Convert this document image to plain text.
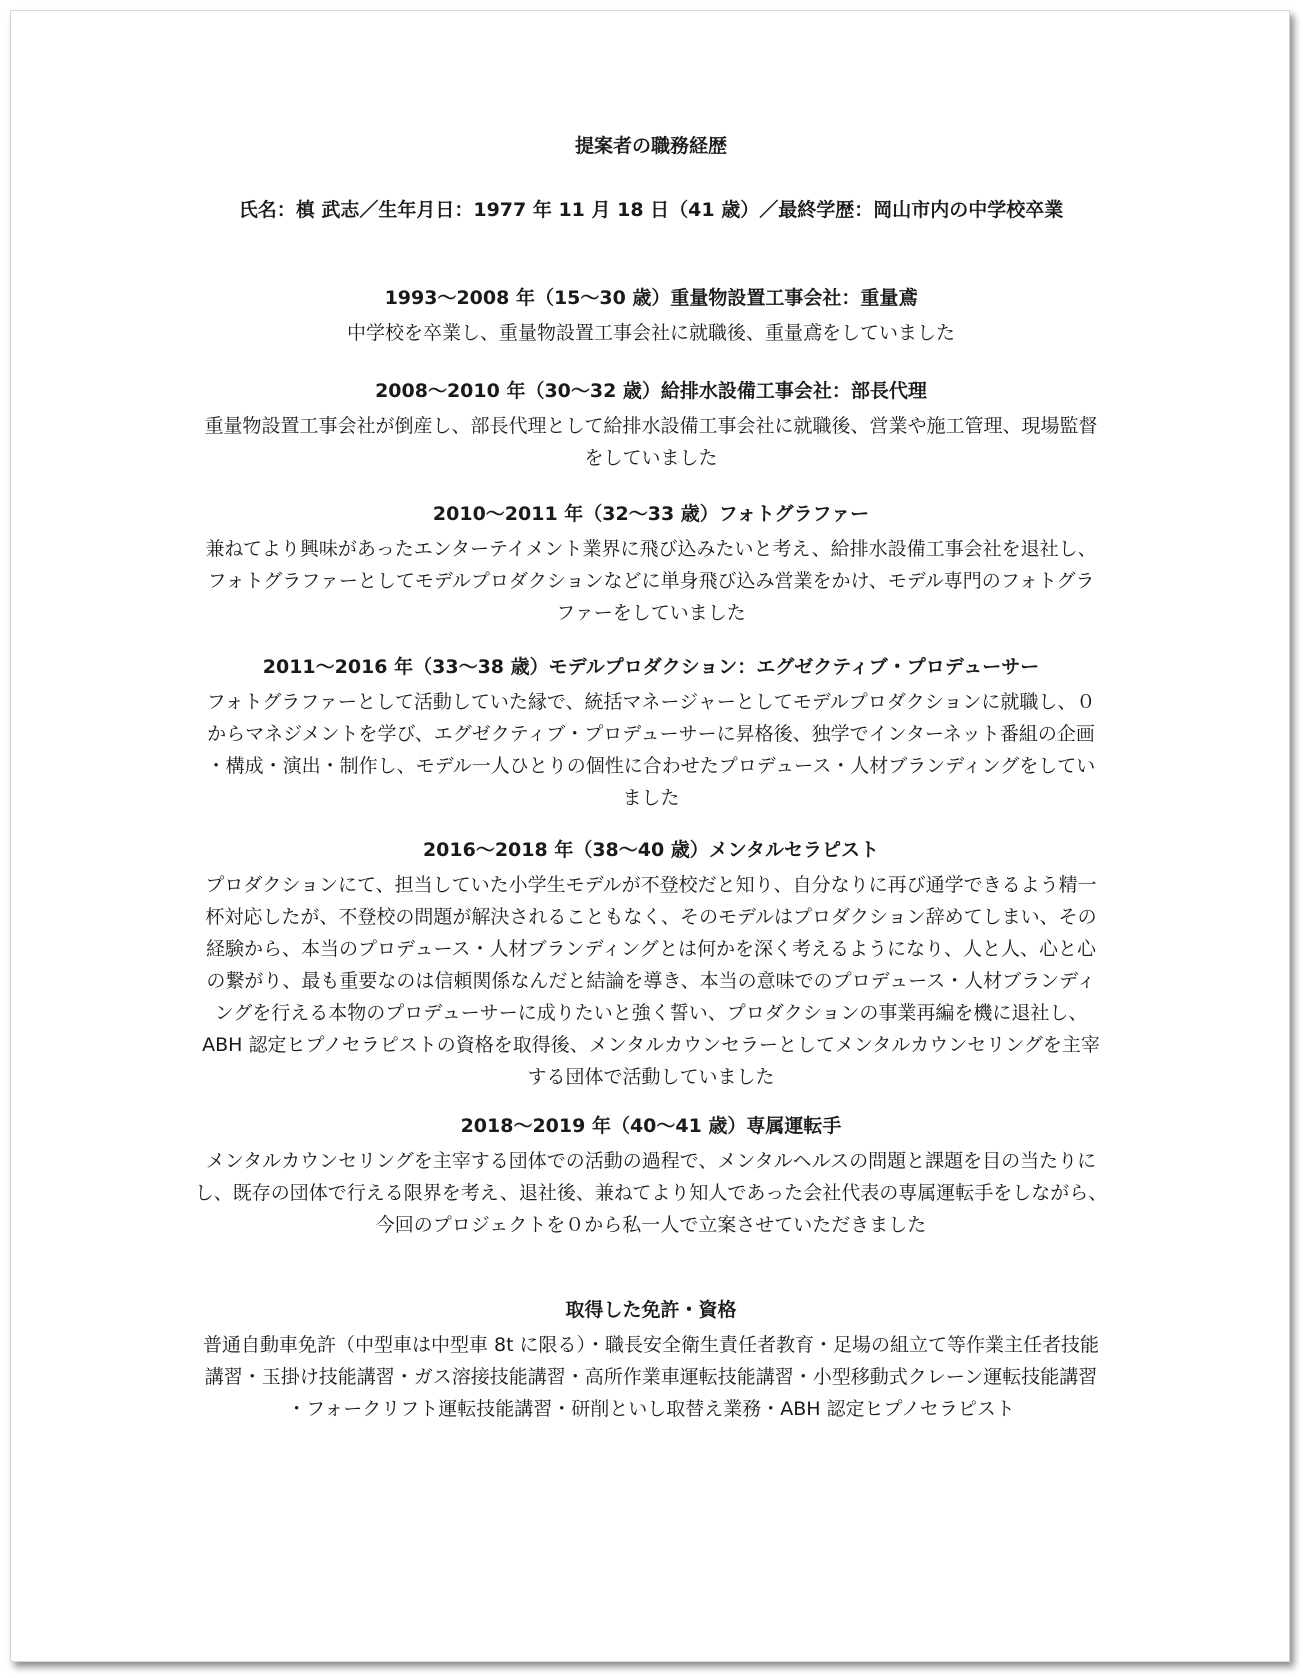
提案者の職務経歴
氏名：槙 武志／生年月日：1977 年 11 月 18 日（41 歳）／最終学歴：岡山市内の中学校卒業
1993～2008 年（15～30 歳）重量物設置工事会社：重量鳶
中学校を卒業し、重量物設置工事会社に就職後、重量鳶をしていました
2008～2010 年（30～32 歳）給排水設備工事会社：部長代理
重量物設置工事会社が倒産し、部長代理として給排水設備工事会社に就職後、営業や施工管理、現場監督
をしていました
2010～2011 年（32～33 歳）フォトグラファー
兼ねてより興味があったエンターテイメント業界に飛び込みたいと考え、給排水設備工事会社を退社し、
フォトグラファーとしてモデルプロダクションなどに単身飛び込み営業をかけ、モデル専門のフォトグラ
ファーをしていました
2011～2016 年（33～38 歳）モデルプロダクション：エグゼクティブ・プロデューサー
フォトグラファーとして活動していた縁で、統括マネージャーとしてモデルプロダクションに就職し、０
からマネジメントを学び、エグゼクティブ・プロデューサーに昇格後、独学でインターネット番組の企画
・構成・演出・制作し、モデル一人ひとりの個性に合わせたプロデュース・人材ブランディングをしてい
ました
2016～2018 年（38～40 歳）メンタルセラピスト
プロダクションにて、担当していた小学生モデルが不登校だと知り、自分なりに再び通学できるよう精一
杯対応したが、不登校の問題が解決されることもなく、そのモデルはプロダクション辞めてしまい、その
経験から、本当のプロデュース・人材ブランディングとは何かを深く考えるようになり、人と人、心と心
の繋がり、最も重要なのは信頼関係なんだと結論を導き、本当の意味でのプロデュース・人材ブランディ
ングを行える本物のプロデューサーに成りたいと強く誓い、プロダクションの事業再編を機に退社し、
ABH 認定ヒプノセラピストの資格を取得後、メンタルカウンセラーとしてメンタルカウンセリングを主宰
する団体で活動していました
2018～2019 年（40～41 歳）専属運転手
メンタルカウンセリングを主宰する団体での活動の過程で、メンタルヘルスの問題と課題を目の当たりに
し、既存の団体で行える限界を考え、退社後、兼ねてより知人であった会社代表の専属運転手をしながら、
今回のプロジェクトを０から私一人で立案させていただきました
取得した免許・資格
普通自動車免許（中型車は中型車 8t に限る）・職長安全衛生責任者教育・足場の組立て等作業主任者技能
講習・玉掛け技能講習・ガス溶接技能講習・高所作業車運転技能講習・小型移動式クレーン運転技能講習
・フォークリフト運転技能講習・研削といし取替え業務・ABH 認定ヒプノセラピスト
